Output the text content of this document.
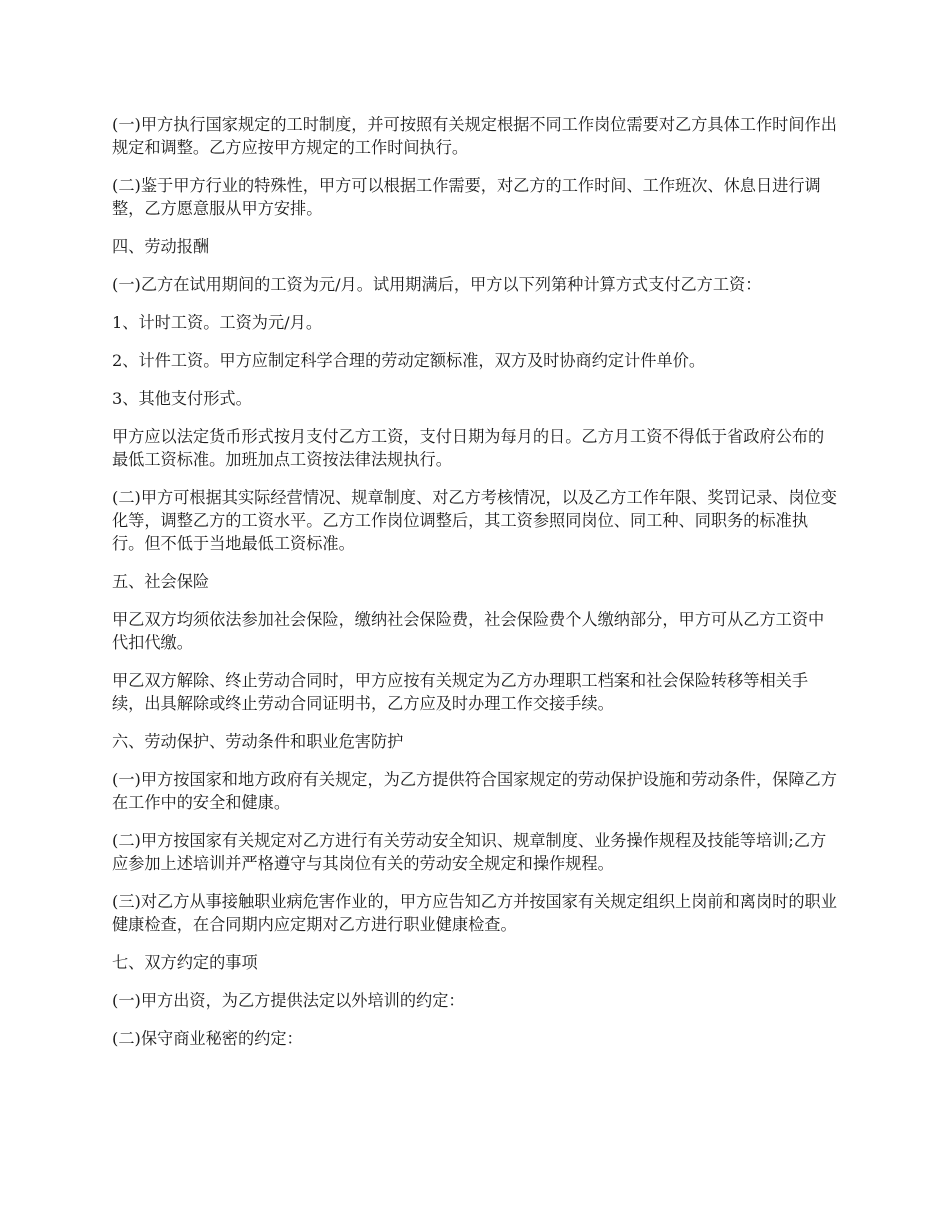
(一)甲方执行国家规定的工时制度，并可按照有关规定根据不同工作岗位需要对乙方具体工作时间作出规定和调整。乙方应按甲方规定的工作时间执行。

(二)鉴于甲方行业的特殊性，甲方可以根据工作需要，对乙方的工作时间、工作班次、休息日进行调整，乙方愿意服从甲方安排。

四、劳动报酬

(一)乙方在试用期间的工资为元/月。试用期满后，甲方以下列第种计算方式支付乙方工资：

1、计时工资。工资为元/月。

2、计件工资。甲方应制定科学合理的劳动定额标准，双方及时协商约定计件单价。

3、其他支付形式。

甲方应以法定货币形式按月支付乙方工资，支付日期为每月的日。乙方月工资不得低于省政府公布的最低工资标准。加班加点工资按法律法规执行。

(二)甲方可根据其实际经营情况、规章制度、对乙方考核情况，以及乙方工作年限、奖罚记录、岗位变化等，调整乙方的工资水平。乙方工作岗位调整后，其工资参照同岗位、同工种、同职务的标准执行。但不低于当地最低工资标准。

五、社会保险

甲乙双方均须依法参加社会保险，缴纳社会保险费，社会保险费个人缴纳部分，甲方可从乙方工资中代扣代缴。

甲乙双方解除、终止劳动合同时，甲方应按有关规定为乙方办理职工档案和社会保险转移等相关手续，出具解除或终止劳动合同证明书，乙方应及时办理工作交接手续。

六、劳动保护、劳动条件和职业危害防护

(一)甲方按国家和地方政府有关规定，为乙方提供符合国家规定的劳动保护设施和劳动条件，保障乙方在工作中的安全和健康。

(二)甲方按国家有关规定对乙方进行有关劳动安全知识、规章制度、业务操作规程及技能等培训;乙方应参加上述培训并严格遵守与其岗位有关的劳动安全规定和操作规程。

(三)对乙方从事接触职业病危害作业的，甲方应告知乙方并按国家有关规定组织上岗前和离岗时的职业健康检查，在合同期内应定期对乙方进行职业健康检查。

七、双方约定的事项

(一)甲方出资，为乙方提供法定以外培训的约定：

(二)保守商业秘密的约定：
